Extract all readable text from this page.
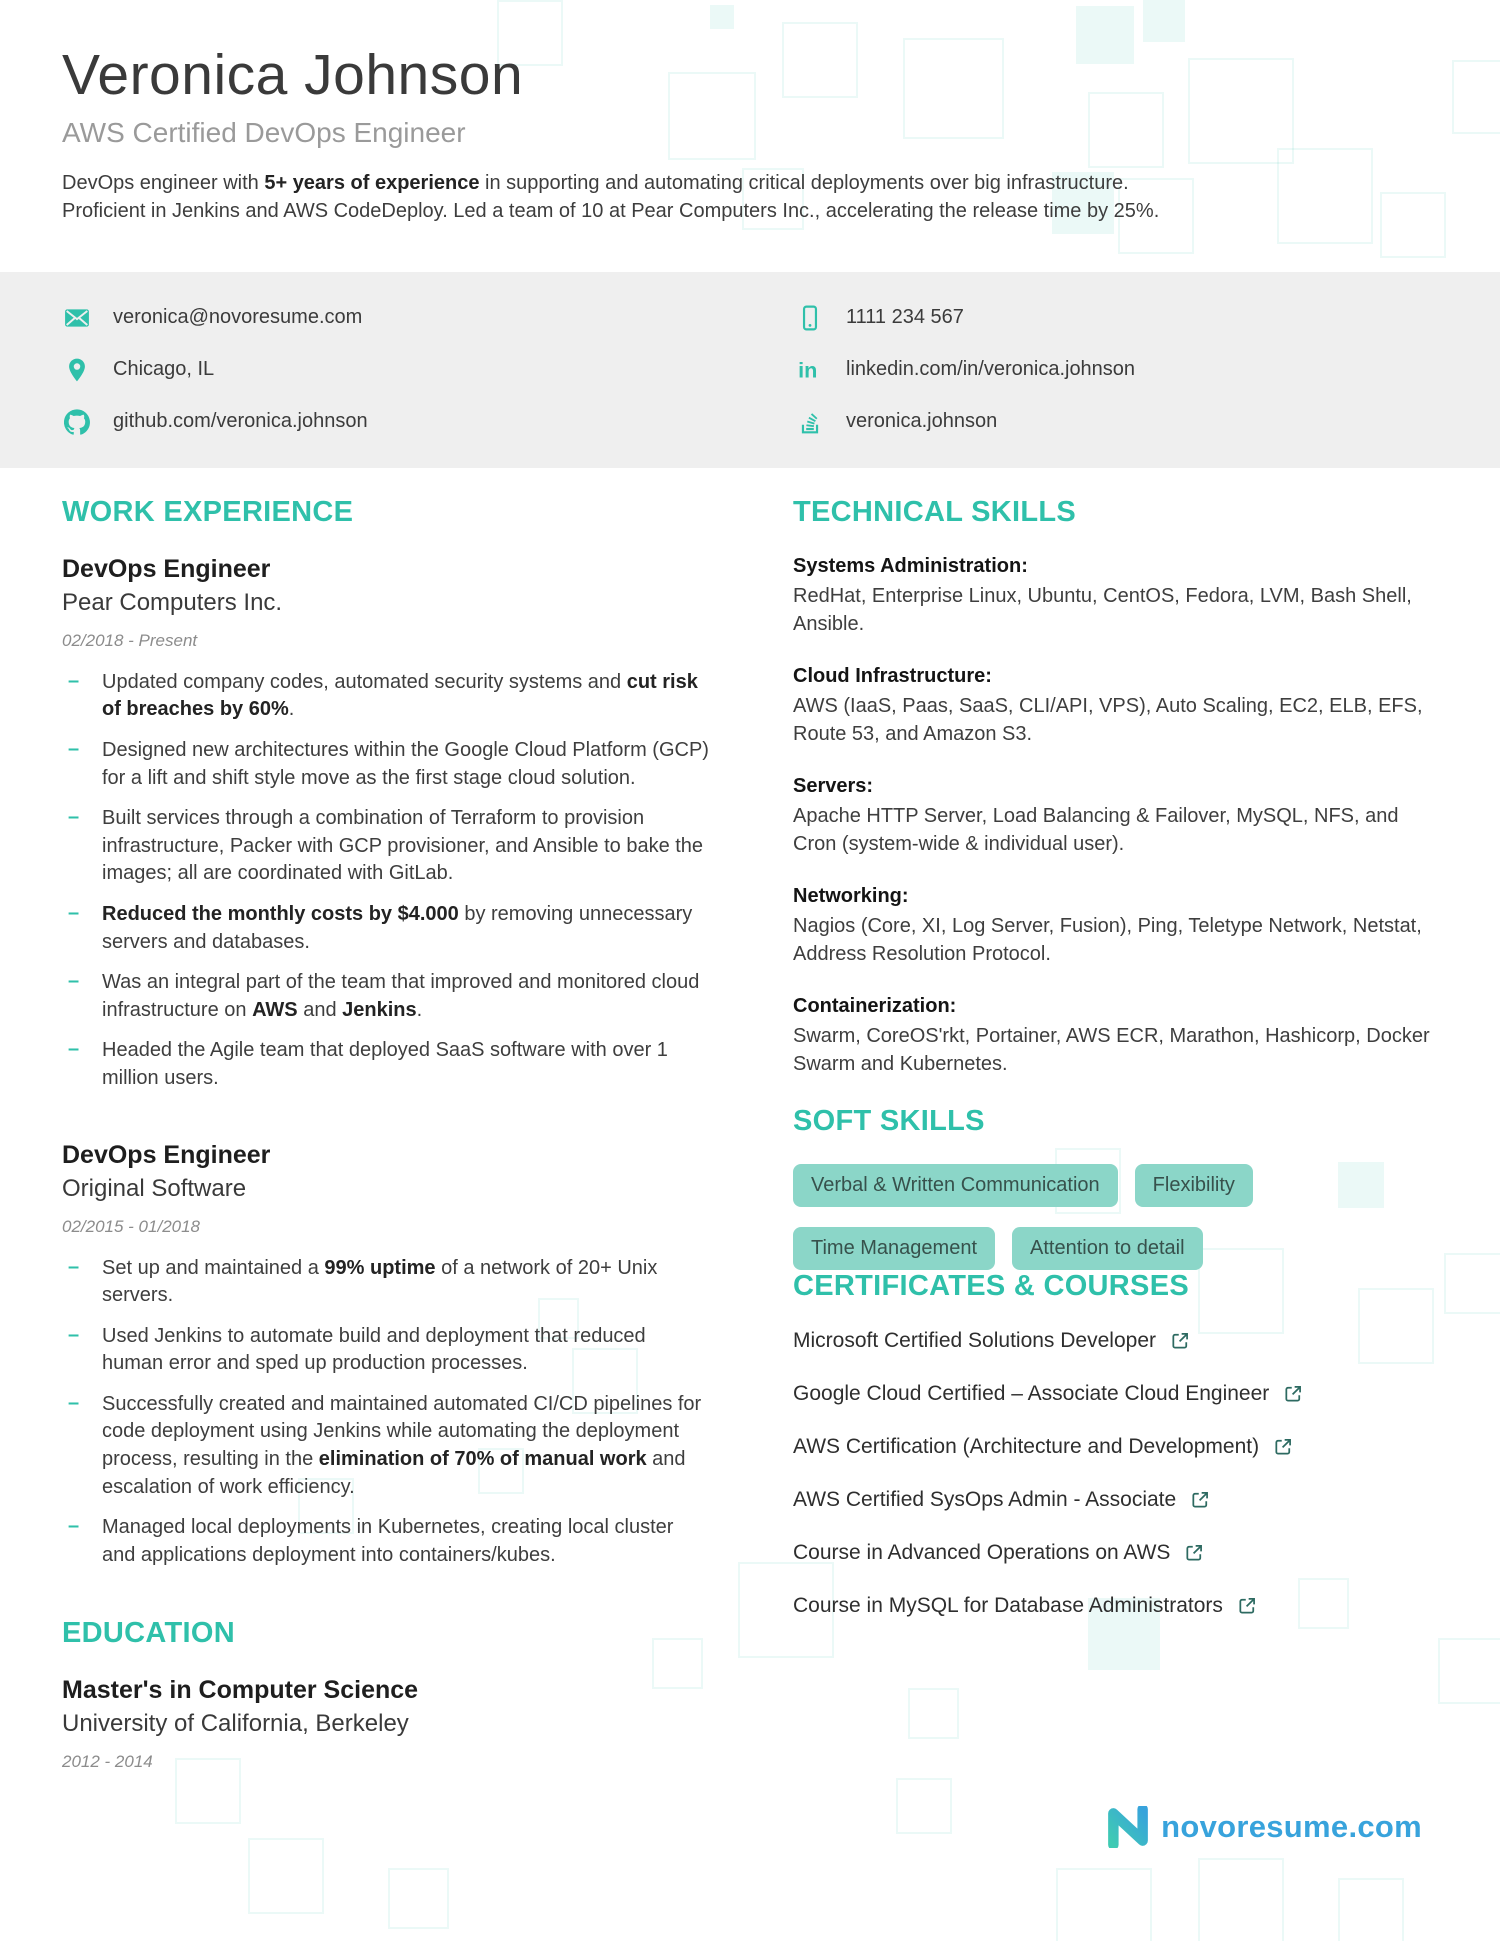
Veronica Johnson
AWS Certified DevOps Engineer

DevOps engineer with 5+ years of experience in supporting and automating critical deployments over big infrastructure. Proficient in Jenkins and AWS CodeDeploy. Led a team of 10 at Pear Computers Inc., accelerating the release time by 25%.

veronica@novoresume.com
Chicago, IL
github.com/veronica.johnson
1111 234 567
in linkedin.com/in/veronica.johnson
veronica.johnson
WORK EXPERIENCE
DevOps Engineer
Pear Computers Inc.
02/2018 - Present
– Updated company codes, automated security systems and cut risk of breaches by 60%.
– Designed new architectures within the Google Cloud Platform (GCP) for a lift and shift style move as the first stage cloud solution.
– Built services through a combination of Terraform to provision infrastructure, Packer with GCP provisioner, and Ansible to bake the images; all are coordinated with GitLab.
– Reduced the monthly costs by $4.000 by removing unnecessary servers and databases.
– Was an integral part of the team that improved and monitored cloud infrastructure on AWS and Jenkins.
– Headed the Agile team that deployed SaaS software with over 1 million users.
DevOps Engineer
Original Software
02/2015 - 01/2018
– Set up and maintained a 99% uptime of a network of 20+ Unix servers.
– Used Jenkins to automate build and deployment that reduced human error and sped up production processes.
– Successfully created and maintained automated CI/CD pipelines for code deployment using Jenkins while automating the deployment process, resulting in the elimination of 70% of manual work and escalation of work efficiency.
– Managed local deployments in Kubernetes, creating local cluster and applications deployment into containers/kubes.
EDUCATION
Master's in Computer Science
University of California, Berkeley
2012 - 2014
TECHNICAL SKILLS
Systems Administration:
RedHat, Enterprise Linux, Ubuntu, CentOS, Fedora, LVM, Bash Shell, Ansible.
Cloud Infrastructure:
AWS (IaaS, Paas, SaaS, CLI/API, VPS), Auto Scaling, EC2, ELB, EFS, Route 53, and Amazon S3.
Servers:
Apache HTTP Server, Load Balancing & Failover, MySQL, NFS, and Cron (system-wide & individual user).
Networking:
Nagios (Core, XI, Log Server, Fusion), Ping, Teletype Network, Netstat, Address Resolution Protocol.
Containerization:
Swarm, CoreOS'rkt, Portainer, AWS ECR, Marathon, Hashicorp, Docker Swarm and Kubernetes.
SOFT SKILLS
Verbal & Written Communication	Flexibility
Time Management	Attention to detail
CERTIFICATES & COURSES
Microsoft Certified Solutions Developer
Google Cloud Certified – Associate Cloud Engineer
AWS Certification (Architecture and Development)
AWS Certified SysOps Admin - Associate
Course in Advanced Operations on AWS
Course in MySQL for Database Administrators
novoresume.com
